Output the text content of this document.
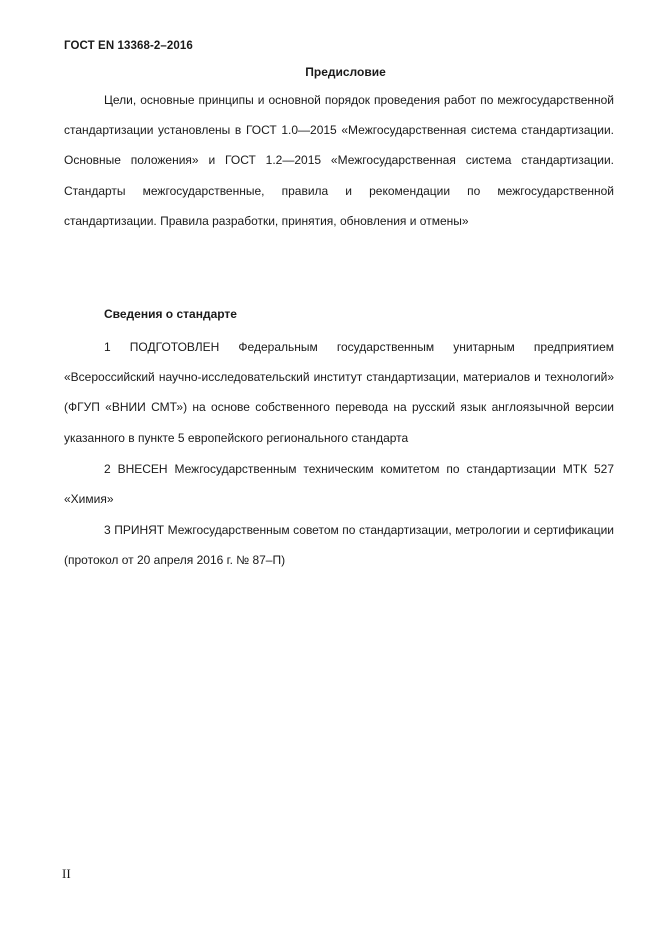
ГОСТ EN 13368-2–2016
Предисловие

Цели, основные принципы и основной порядок проведения работ по межгосударственной стандартизации установлены в ГОСТ 1.0—2015 «Межгосударственная система стандартизации. Основные положения» и ГОСТ 1.2—2015 «Межгосударственная система стандартизации. Стандарты межгосударственные, правила и рекомендации по межгосударственной стандартизации. Правила разработки, принятия, обновления и отмены»

Сведения о стандарте

1 ПОДГОТОВЛЕН Федеральным государственным унитарным предприятием «Всероссийский научно-исследовательский институт стандартизации, материалов и технологий» (ФГУП «ВНИИ СМТ») на основе собственного перевода на русский язык англоязычной версии указанного в пункте 5 европейского регионального стандарта

2 ВНЕСЕН Межгосударственным техническим комитетом по стандартизации МТК 527 «Химия»

3 ПРИНЯТ Межгосударственным советом по стандартизации, метрологии и сертификации (протокол от 20 апреля 2016 г. № 87–П)

II
